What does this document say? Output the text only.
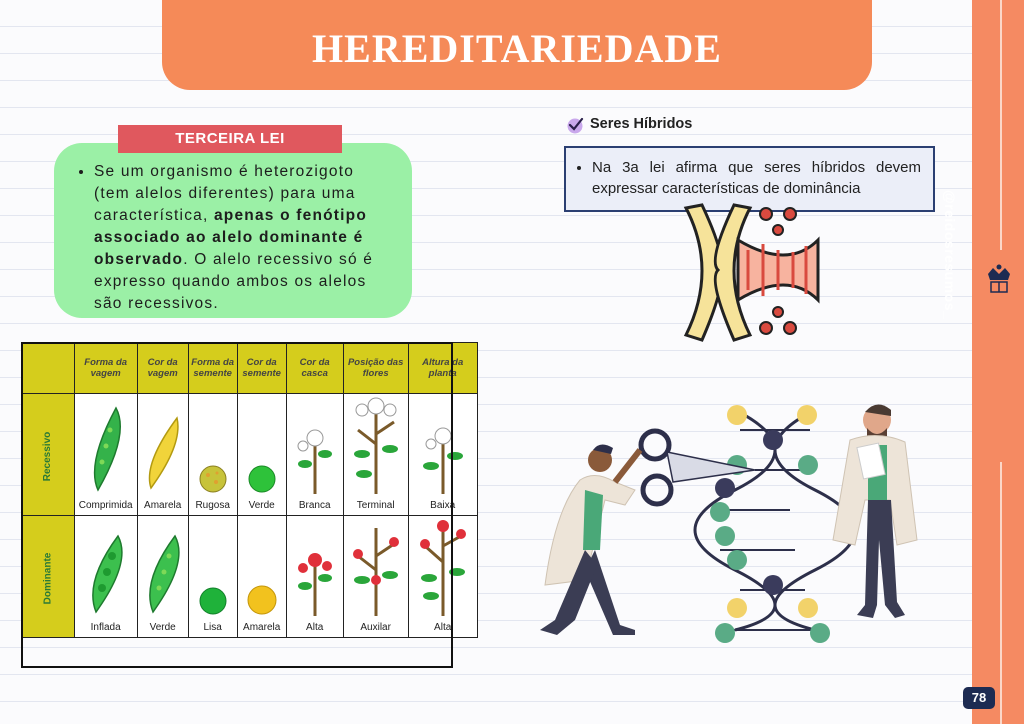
@reidosresumos_
78
HEREDITARIEDADE
TERCEIRA LEI
• Se um organismo é heterozigoto (tem alelos diferentes) para uma característica, apenas o fenótipo associado ao alelo dominante é observado. O alelo recessivo só é expresso quando ambos os alelos são recessivos.
Seres Híbridos
• Na 3a lei afirma que seres híbridos devem expressar características de dominância
	Forma da vagem	Cor da vagem	Forma da semente	Cor da semente	Cor da casca	Posição das flores	Altura da planta
Recessivo	Comprimida	Amarela	Rugosa	Verde	Branca	Terminal	Baixa

Dominante	Inflada	Verde	Lisa	Amarela	Alta	Auxilar	Alta
